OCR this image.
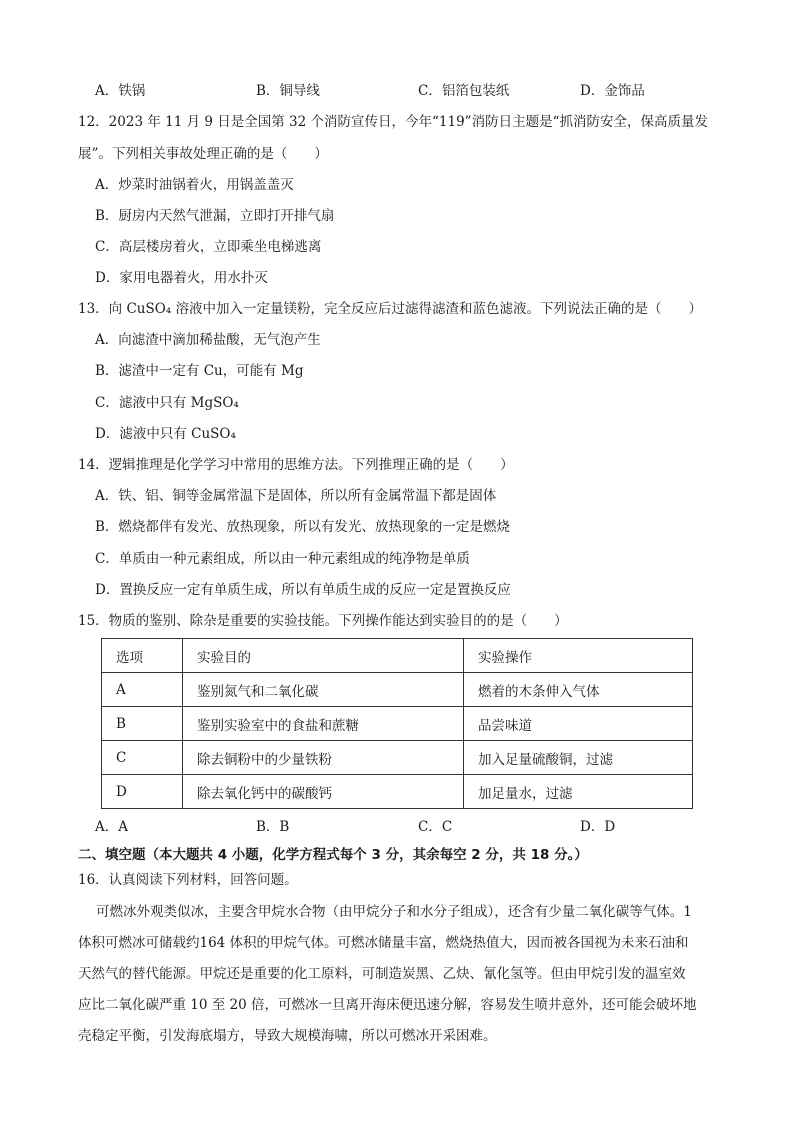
A．铁锅	B．铜导线	C．铝箔包装纸	D．金饰品
12．2023 年 11 月 9 日是全国第 32 个消防宣传日，今年“119”消防日主题是“抓消防安全，保高质量发
展”。下列相关事故处理正确的是（　　）
A．炒菜时油锅着火，用锅盖盖灭
B．厨房内天然气泄漏，立即打开排气扇
C．高层楼房着火，立即乘坐电梯逃离
D．家用电器着火，用水扑灭
13．向 CuSO₄ 溶液中加入一定量镁粉，完全反应后过滤得滤渣和蓝色滤液。下列说法正确的是（　　）
A．向滤渣中滴加稀盐酸，无气泡产生
B．滤渣中一定有 Cu，可能有 Mg
C．滤液中只有 MgSO₄
D．滤液中只有 CuSO₄
14．逻辑推理是化学学习中常用的思维方法。下列推理正确的是（　　）
A．铁、铝、铜等金属常温下是固体，所以所有金属常温下都是固体
B．燃烧都伴有发光、放热现象，所以有发光、放热现象的一定是燃烧
C．单质由一种元素组成，所以由一种元素组成的纯净物是单质
D．置换反应一定有单质生成，所以有单质生成的反应一定是置换反应
15．物质的鉴别、除杂是重要的实验技能。下列操作能达到实验目的的是（　　）
选项	实验目的	实验操作
A	鉴别氮气和二氧化碳	燃着的木条伸入气体
B	鉴别实验室中的食盐和蔗糖	品尝味道
C	除去铜粉中的少量铁粉	加入足量硫酸铜，过滤
D	除去氧化钙中的碳酸钙	加足量水，过滤
A．A	B．B	C．C	D．D
二、填空题（本大题共 4 小题，化学方程式每个 3 分，其余每空 2 分，共 18 分。）
16．认真阅读下列材料，回答问题。
可燃冰外观类似冰，主要含甲烷水合物（由甲烷分子和水分子组成），还含有少量二氧化碳等气体。1
体积可燃冰可储载约164 体积的甲烷气体。可燃冰储量丰富，燃烧热值大，因而被各国视为未来石油和
天然气的替代能源。甲烷还是重要的化工原料，可制造炭黑、乙炔、氰化氢等。但由甲烷引发的温室效
应比二氧化碳严重 10 至 20 倍，可燃冰一旦离开海床便迅速分解，容易发生喷井意外，还可能会破坏地
壳稳定平衡，引发海底塌方，导致大规模海啸，所以可燃冰开采困难。
